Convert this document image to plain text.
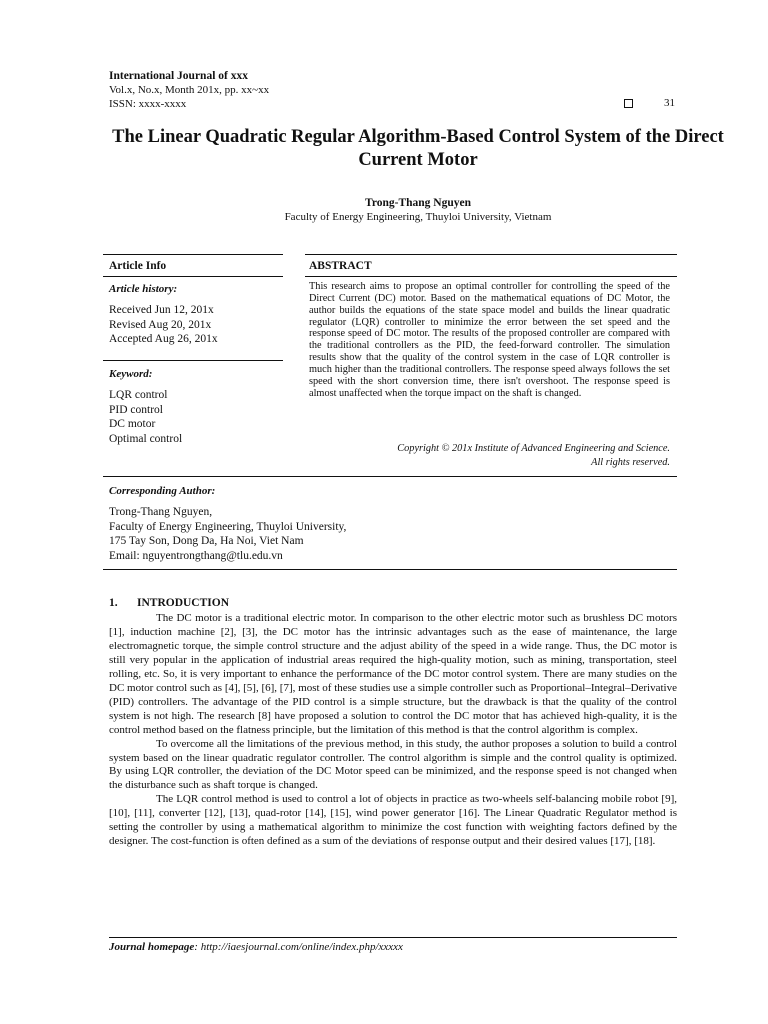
International Journal of xxx
Vol.x, No.x, Month 201x, pp. xx~xx
ISSN: xxxx-xxxx	31
The Linear Quadratic Regular Algorithm-Based Control System of the Direct Current Motor
Trong-Thang Nguyen
Faculty of Energy Engineering, Thuyloi University, Vietnam
Article Info
Article history:
Received Jun 12, 201x
Revised Aug 20, 201x
Accepted Aug 26, 201x
Keyword:
LQR control
PID control
DC motor
Optimal control
ABSTRACT
This research aims to propose an optimal controller for controlling the speed of the Direct Current (DC) motor. Based on the mathematical equations of DC Motor, the author builds the equations of the state space model and builds the linear quadratic regulator (LQR) controller to minimize the error between the set speed and the response speed of DC motor. The results of the proposed controller are compared with the traditional controllers as the PID, the feed-forward controller. The simulation results show that the quality of the control system in the case of LQR controller is much higher than the traditional controllers. The response speed always follows the set speed with the short conversion time, there isn't overshoot. The response speed is almost unaffected when the torque impact on the shaft is changed.
Copyright © 201x Institute of Advanced Engineering and Science.
All rights reserved.
Corresponding Author:
Trong-Thang Nguyen,
Faculty of Energy Engineering, Thuyloi University,
175 Tay Son, Dong Da, Ha Noi, Viet Nam
Email: nguyentrongthang@tlu.edu.vn
1. INTRODUCTION

The DC motor is a traditional electric motor. In comparison to the other electric motor such as brushless DC motors [1], induction machine [2], [3], the DC motor has the intrinsic advantages such as the ease of maintenance, the large electromagnetic torque, the simple control structure and the adjust ability of the speed in a wide range. Thus, the DC motor is still very popular in the application of industrial areas required the high-quality motion, such as mining, transportation, steel rolling, etc. So, it is very important to enhance the performance of the DC motor control system. There are many studies on the DC motor control such as [4], [5], [6], [7], most of these studies use a simple controller such as Proportional–Integral–Derivative (PID) controllers. The advantage of the PID control is a simple structure, but the drawback is that the quality of the control system is not high. The research [8] have proposed a solution to control the DC motor that has achieved high-quality, it is the control method based on the flatness principle, but the limitation of this method is that the control algorithm is complex.

To overcome all the limitations of the previous method, in this study, the author proposes a solution to build a control system based on the linear quadratic regulator controller. The control algorithm is simple and the control quality is optimized. By using LQR controller, the deviation of the DC Motor speed can be minimized, and the response speed is not changed when the disturbance such as shaft torque is changed.

The LQR control method is used to control a lot of objects in practice as two-wheels self-balancing mobile robot [9], [10], [11], converter [12], [13], quad-rotor [14], [15], wind power generator [16]. The Linear Quadratic Regulator method is setting the controller by using a mathematical algorithm to minimize the cost function with weighting factors defined by the designer. The cost-function is often defined as a sum of the deviations of response output and their desired values [17], [18].

Journal homepage: http://iaesjournal.com/online/index.php/xxxxx
